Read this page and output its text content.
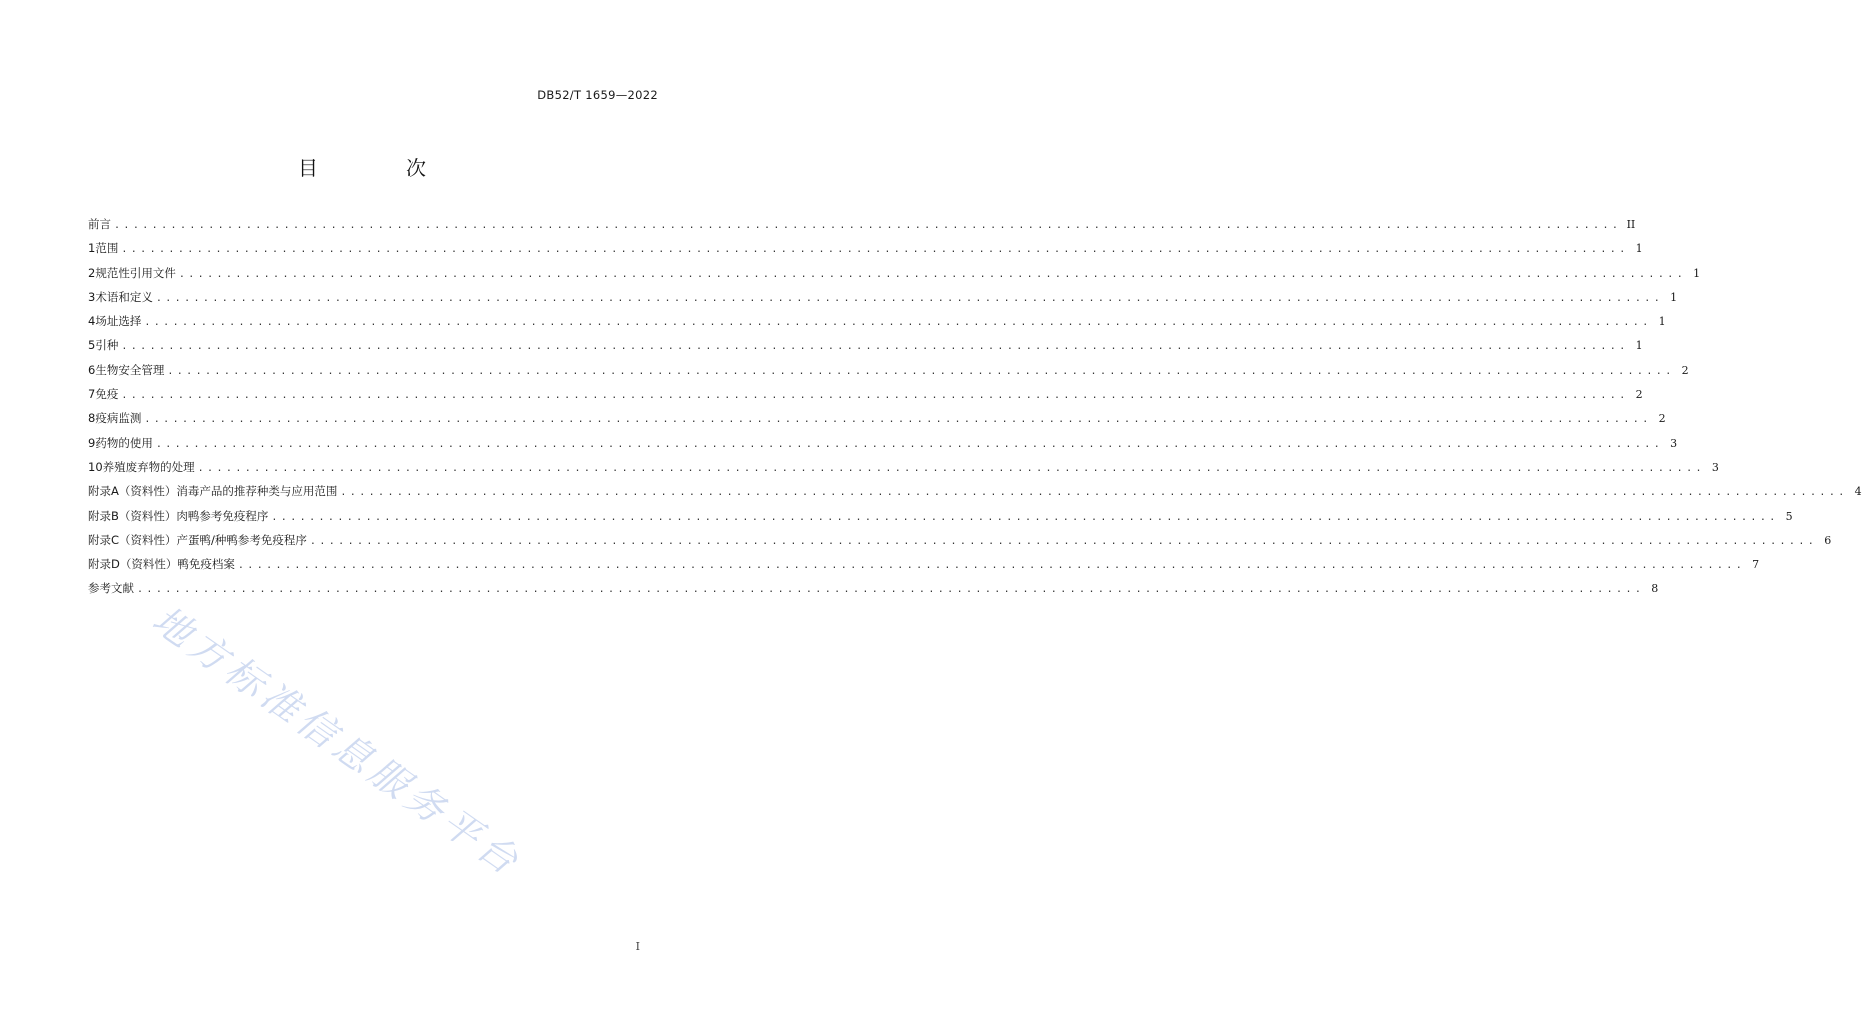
DB52/T 1659—2022
目　次
前言 ................................................................................................................................................................ II
1 范围 ................................................................................................................................................................ 1
2 规范性引用文件 ................................................................................................................................................................ 1
3 术语和定义 ................................................................................................................................................................ 1
4 场址选择 ................................................................................................................................................................ 1
5 引种 ................................................................................................................................................................ 1
6 生物安全管理 ................................................................................................................................................................ 2
7 免疫 ................................................................................................................................................................ 2
8 疫病监测 ................................................................................................................................................................ 2
9 药物的使用 ................................................................................................................................................................ 3
10 养殖废弃物的处理 ................................................................................................................................................................ 3
附录A（资料性） 消毒产品的推荐种类与应用范围 ................................................................................................................................................................ 4
附录B（资料性） 肉鸭参考免疫程序 ................................................................................................................................................................ 5
附录C（资料性） 产蛋鸭/种鸭参考免疫程序 ................................................................................................................................................................ 6
附录D（资料性） 鸭免疫档案 ................................................................................................................................................................ 7
参考文献 ................................................................................................................................................................ 8
地方标准信息服务平台
I
